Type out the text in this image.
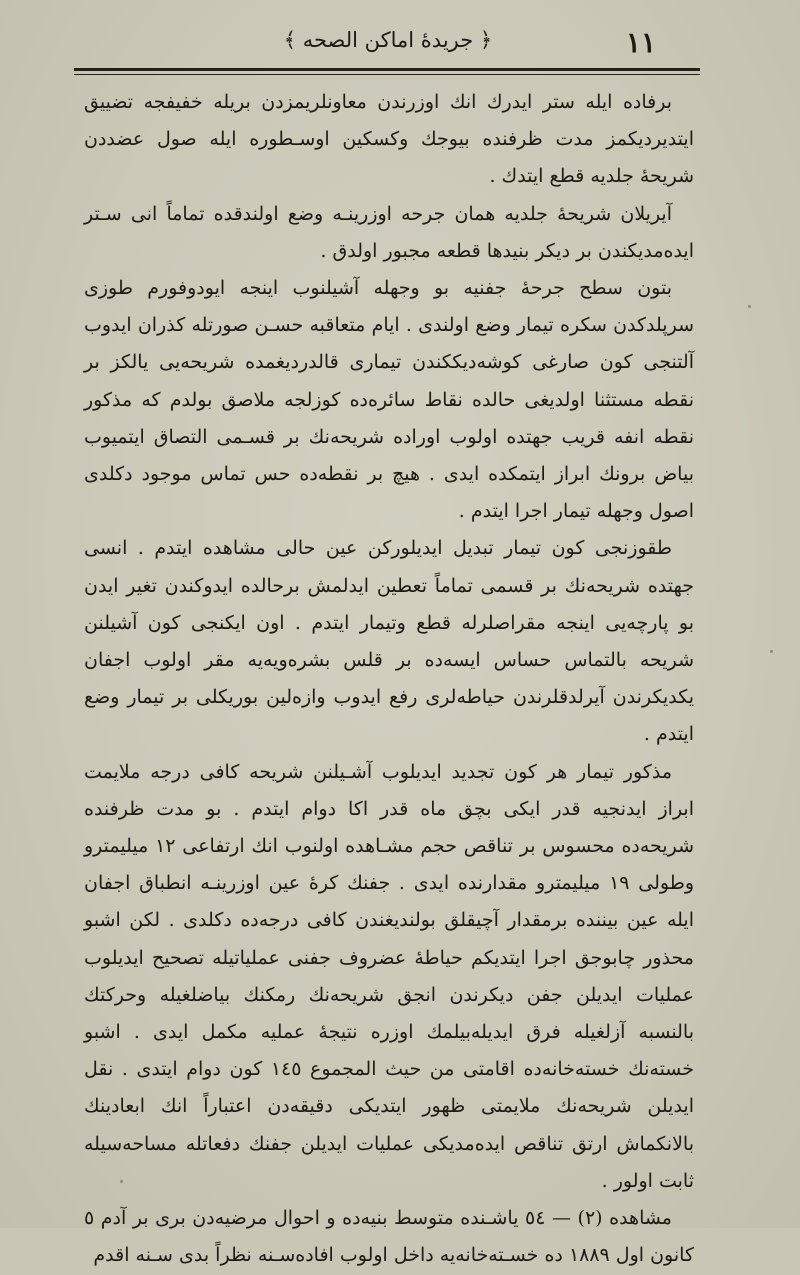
﴿ جريدهٔ اماكن الصحه ﴾	١١

برفاده ايله ستر ايدرك انك اوزرندن معاونلريمزدن بريله خفيفجه تضييق ايتديرديكمز مدت ظرفنده بيوجك وكسكين اوسـطوره ايله صول عضددن شريحهٔ جلديه قطع ايتدك .

آيريلان شريحهٔ جلديه همان جرحه اوزرينـه وضع اولندقده تماماً انى سـتر ايده‌مديكندن بر ديكر بنيدها قطعه مجبور اولدق .

بتون سطح جرحهٔ جفنيه بو وجهله آشيلنوب اينجه ايودوفورم طوزى سرپلدكدن سكره تيمار وضع اولندى . ايام متعاقبه حسـن صورتله كذران ايدوب آلتنجى كون صارغى كوشه‌ديككندن تيمارى قالدرديغمده شريحه‌يى يالكز بر نقطه مستثنا اولديغى حالده نقاط سائره‌ده كوزلجه ملاصق بولدم كه مذكور نقطه انفه قريب جهتده اولوب اوراده شريحه‌نك بر قسـمى التصاق ايتميوب بياض برونك ابراز ايتمكده ايدى . هيچ بر نقطه‌ده حس تماس موجود دكلدى اصول وجهله تيمار اجرا ايتدم .

طقوزنجى كون تيمار تبديل ايديلوركن عين حالى مشاهده ايتدم . انسى جهتده شريحه‌نك بر قسمى تماماً تعطين ايدلمش برحالده ايدوكندن تغير ايدن بو پارچه‌يى اينجه مقراصلرله قطع وتيمار ايتدم . اون ايكنجى كون آشيلنن شريحه بالتماس حساس ايسه‌ده بر قلس بشره‌ويه‌يه مقر اولوب اجفان يكديكرندن آيرلدقلرندن حياطه‌لرى رفع ايدوب وازه‌لين بوريكلى بر تيمار وضع ايتدم .

مذكور تيمار هر كون تجديد ايديلوب آشـيلنن شريحه كافى درجه ملايمت ابراز ايدنجيه قدر ايكى بچق ماه قدر اكا دوام ايتدم . بو مدت ظرفنده شريحه‌ده محسوس بر تناقص حجم مشـاهده اولنوب انك ارتفاعى ١٢ ميليمترو وطولى ١٩ ميليمترو مقدارنده ايدى . جفنك كرهٔ عين اوزرينـه انطباق اجفان ايله عين بيننده برمقدار آچيقلق بولنديغندن كافى درجه‌ده دكلدى . لكن اشبو محذور چابوجق اجرا ايتديكم حياطهٔ عضروف جفنى عملياتيله تصحيح ايديلوب عمليات ايديلن جفن ديكرندن انجق شريحه‌نك رمكنك بياضلغيله وحركتك بالنسبه آزلغيله فرق ايديله‌بيلمك اوزره نتيجهٔ عمليه مكمل ايدى . اشبو خسته‌نك خسته‌خانه‌ده اقامتى من حيث المجموع ١٤٥ كون دوام ايتدى . نقل ايديلن شريحه‌نك ملايمتى ظهور ايتديكى دقيقه‌دن اعتباراً انك ابعادينك بالانكماش ارتق تناقص ايده‌مديكى عمليات ايديلن جفنك دفعاتله مساحه‌سيله ثابت اولور .

مشاهده (٢) — ٥٤ ياشـنده متوسط بنيه‌ده و احوال مرضيه‌دن برى بر آدم ٥ كانون اول ١٨٨٩ ده خسـته‌خانه‌يه داخل اولوب افاده‌سـنه نظراً بدى سـنه اقدم
